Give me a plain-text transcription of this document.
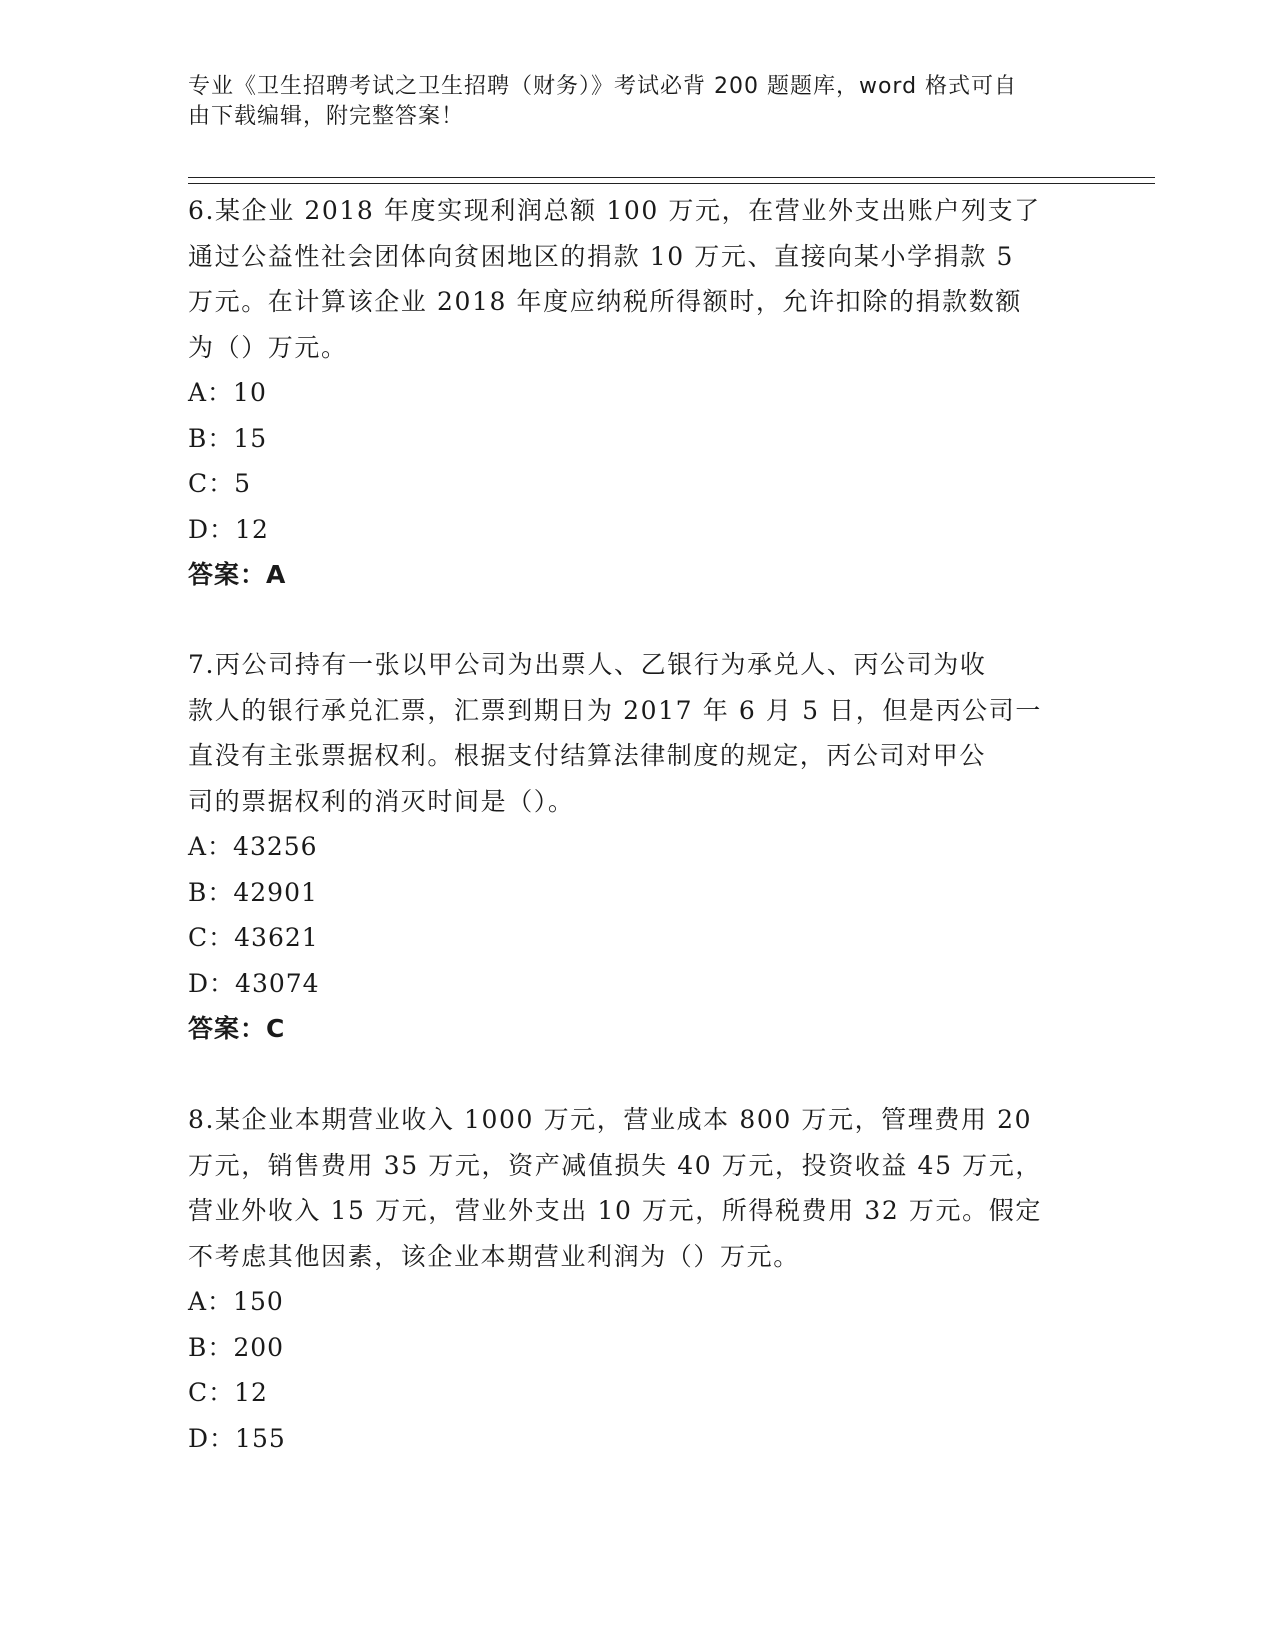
专业《卫生招聘考试之卫生招聘（财务）》考试必背 200 题题库，word 格式可自
由下载编辑，附完整答案！

6.某企业 2018 年度实现利润总额 100 万元，在营业外支出账户列支了

通过公益性社会团体向贫困地区的捐款 10 万元、直接向某小学捐款 5

万元。在计算该企业 2018 年度应纳税所得额时，允许扣除的捐款数额

为（）万元。

A：10

B：15

C：5

D：12

答案：A

7.丙公司持有一张以甲公司为出票人、乙银行为承兑人、丙公司为收

款人的银行承兑汇票，汇票到期日为 2017 年 6 月 5 日，但是丙公司一

直没有主张票据权利。根据支付结算法律制度的规定，丙公司对甲公

司的票据权利的消灭时间是（）。

A：43256

B：42901

C：43621

D：43074

答案：C

8.某企业本期营业收入 1000 万元，营业成本 800 万元，管理费用 20

万元，销售费用 35 万元，资产减值损失 40 万元，投资收益 45 万元，

营业外收入 15 万元，营业外支出 10 万元，所得税费用 32 万元。假定

不考虑其他因素，该企业本期营业利润为（）万元。

A：150

B：200

C：12

D：155
